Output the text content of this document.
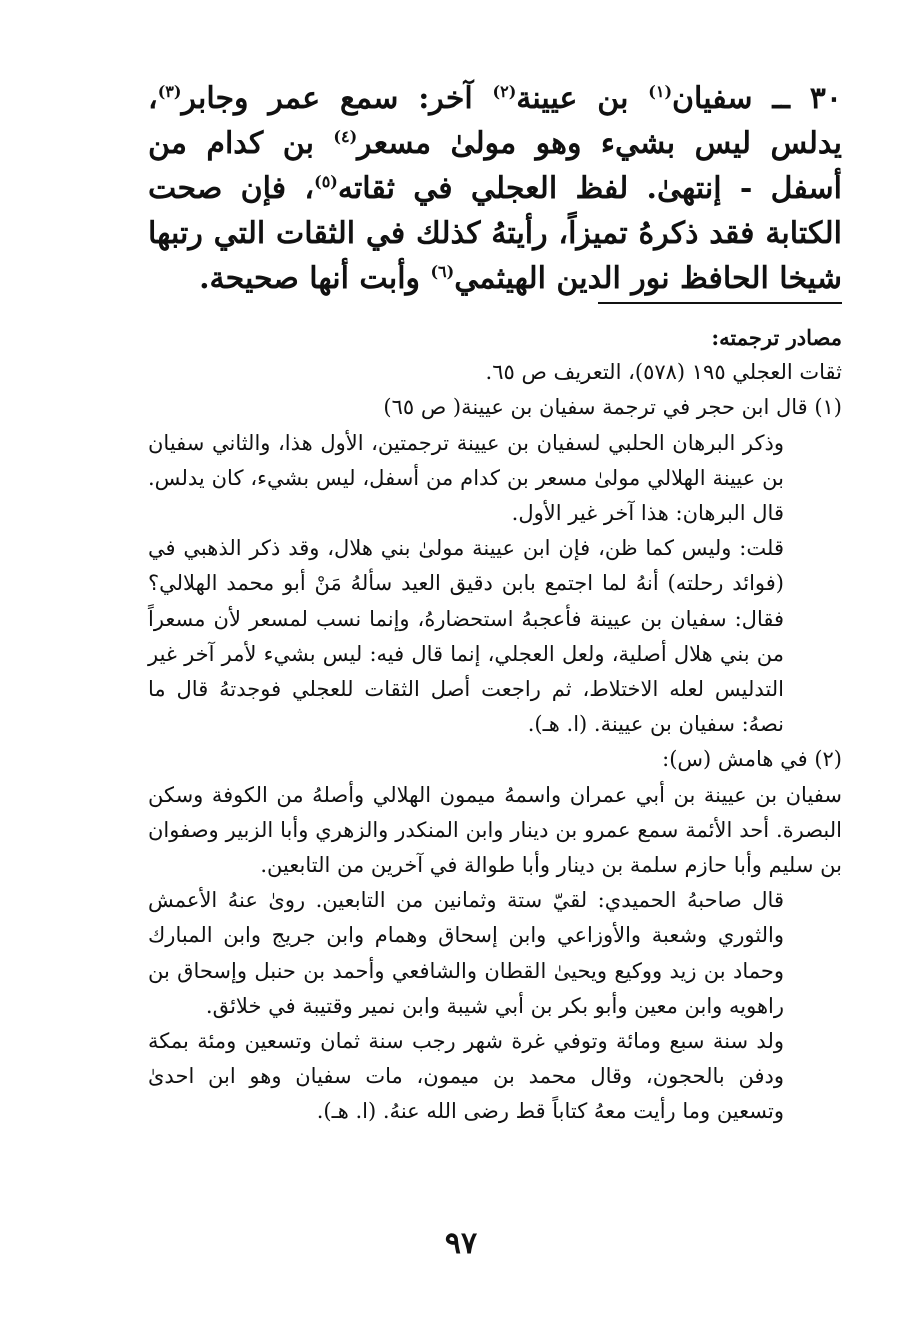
٣٠ ــ سفيان$^{(١)}$ بن عيينة$^{(٢)}$ آخر: سمع عمر وجابر$^{(٣)}$، يدلس ليس بشيء وهو مولىٰ مسعر$^{(٤)}$ بن كدام من أسفل - إنتهىٰ. لفظ العجلي في ثقاته$^{(٥)}$، فإن صحت الكتابة فقد ذكرهُ تميزاً، رأيتهُ كذلك في الثقات التي رتبها شيخا الحافظ نور الدين الهيثمي$^{(٦)}$ وأبت أنها صحيحة.

مصادر ترجمته:

ثقات العجلي ١٩٥ (٥٧٨)، التعريف ص ٦٥.

(١) قال ابن حجر في ترجمة سفيان بن عيينة( ص ٦٥)

وذكر البرهان الحلبي لسفيان بن عيينة ترجمتين، الأول هذا، والثاني سفيان بن عيينة الهلالي مولىٰ مسعر بن كدام من أسفل، ليس بشيء، كان يدلس. قال البرهان: هذا آخر غير الأول.

قلت: وليس كما ظن، فإن ابن عيينة مولىٰ بني هلال، وقد ذكر الذهبي في (فوائد رحلته) أنهُ لما اجتمع بابن دقيق العيد سألهُ مَنْ أبو محمد الهلالي؟ فقال: سفيان بن عيينة فأعجبهُ استحضارهُ، وإنما نسب لمسعر لأن مسعراً من بني هلال أصلية، ولعل العجلي، إنما قال فيه: ليس بشيء لأمر آخر غير التدليس لعله الاختلاط، ثم راجعت أصل الثقات للعجلي فوجدتهُ قال ما نصهُ: سفيان بن عيينة. (ا. هـ).

(٢) في هامش (س):

سفيان بن عيينة بن أبي عمران واسمهُ ميمون الهلالي وأصلهُ من الكوفة وسكن البصرة. أحد الأئمة سمع عمرو بن دينار وابن المنكدر والزهري وأبا الزبير وصفوان بن سليم وأبا حازم سلمة بن دينار وأبا طوالة في آخرين من التابعين.

قال صاحبهُ الحميدي: لقيّ ستة وثمانين من التابعين. روىٰ عنهُ الأعمش والثوري وشعبة والأوزاعي وابن إسحاق وهمام وابن جريج وابن المبارك وحماد بن زيد ووكيع ويحيىٰ القطان والشافعي وأحمد بن حنبل وإسحاق بن راهويه وابن معين وأبو بكر بن أبي شيبة وابن نمير وقتيبة في خلائق.

ولد سنة سبع ومائة وتوفي غرة شهر رجب سنة ثمان وتسعين ومئة بمكة ودفن بالحجون، وقال محمد بن ميمون، مات سفيان وهو ابن احدىٰ وتسعين وما رأيت معهُ كتاباً قط رضى الله عنهُ. (ا. هـ).

٩٧
